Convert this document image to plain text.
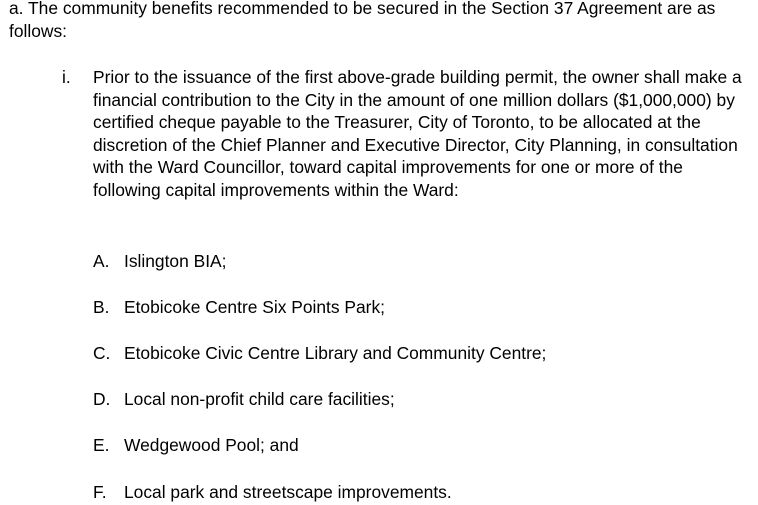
a. The community benefits recommended to be secured in the Section 37 Agreement are as follows:

i. Prior to the issuance of the first above-grade building permit, the owner shall make a financial contribution to the City in the amount of one million dollars ($1,000,000) by certified cheque payable to the Treasurer, City of Toronto, to be allocated at the discretion of the Chief Planner and Executive Director, City Planning, in consultation with the Ward Councillor, toward capital improvements for one or more of the following capital improvements within the Ward:

A. Islington BIA;
B. Etobicoke Centre Six Points Park;
C. Etobicoke Civic Centre Library and Community Centre;
D. Local non-profit child care facilities;
E. Wedgewood Pool; and
F. Local park and streetscape improvements.
